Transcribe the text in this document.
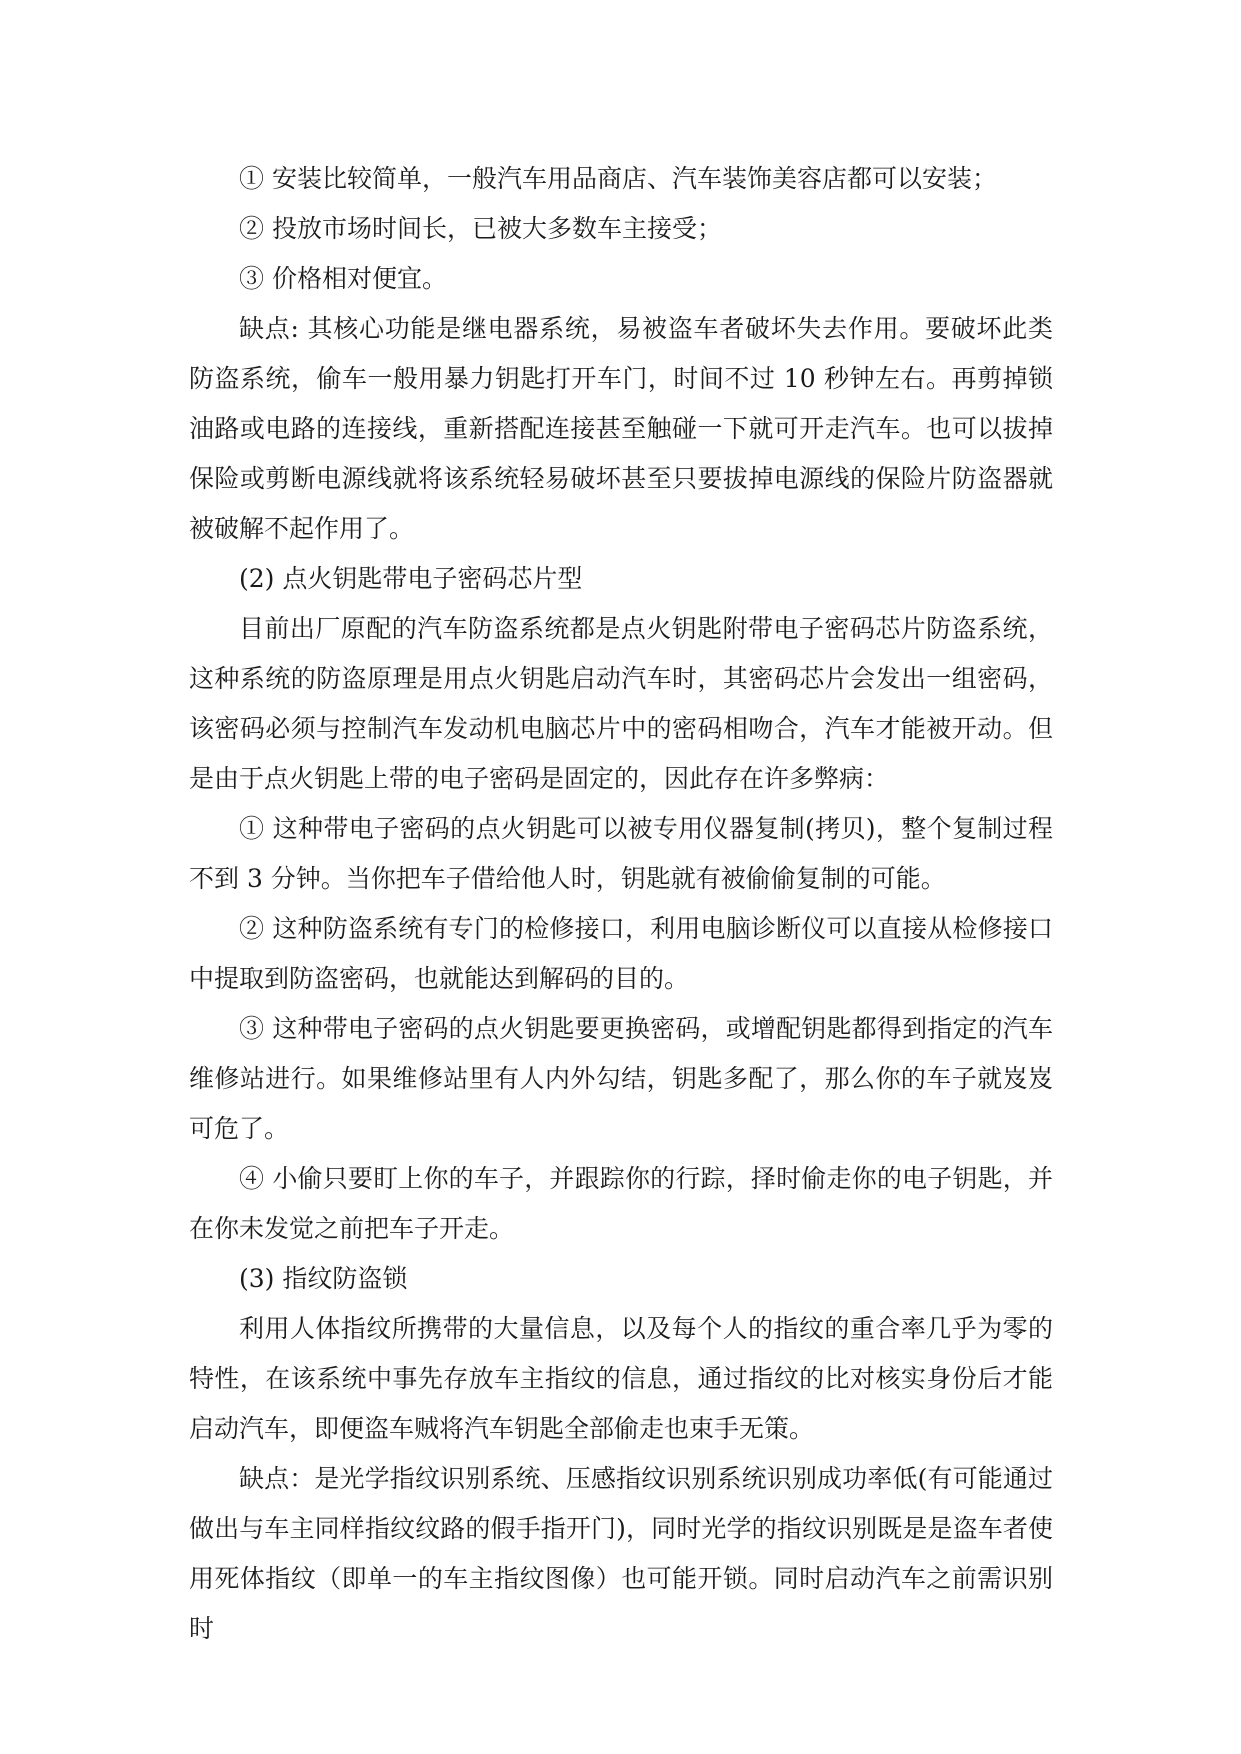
① 安装比较简单，一般汽车用品商店、汽车装饰美容店都可以安装；

② 投放市场时间长，已被大多数车主接受；

③ 价格相对便宜。

缺点: 其核心功能是继电器系统，易被盗车者破坏失去作用。要破坏此类防盗系统，偷车一般用暴力钥匙打开车门，时间不过 10 秒钟左右。再剪掉锁油路或电路的连接线，重新搭配连接甚至触碰一下就可开走汽车。也可以拔掉保险或剪断电源线就将该系统轻易破坏甚至只要拔掉电源线的保险片防盗器就被破解不起作用了。

(2) 点火钥匙带电子密码芯片型

目前出厂原配的汽车防盗系统都是点火钥匙附带电子密码芯片防盗系统，这种系统的防盗原理是用点火钥匙启动汽车时，其密码芯片会发出一组密码，该密码必须与控制汽车发动机电脑芯片中的密码相吻合，汽车才能被开动。但是由于点火钥匙上带的电子密码是固定的，因此存在许多弊病：

① 这种带电子密码的点火钥匙可以被专用仪器复制(拷贝)，整个复制过程不到 3 分钟。当你把车子借给他人时，钥匙就有被偷偷复制的可能。

② 这种防盗系统有专门的检修接口，利用电脑诊断仪可以直接从检修接口中提取到防盗密码，也就能达到解码的目的。

③ 这种带电子密码的点火钥匙要更换密码，或增配钥匙都得到指定的汽车维修站进行。如果维修站里有人内外勾结，钥匙多配了，那么你的车子就岌岌可危了。

④ 小偷只要盯上你的车子，并跟踪你的行踪，择时偷走你的电子钥匙，并在你未发觉之前把车子开走。

(3) 指纹防盗锁

利用人体指纹所携带的大量信息，以及每个人的指纹的重合率几乎为零的特性，在该系统中事先存放车主指纹的信息，通过指纹的比对核实身份后才能启动汽车，即便盗车贼将汽车钥匙全部偷走也束手无策。

缺点：是光学指纹识别系统、压感指纹识别系统识别成功率低(有可能通过做出与车主同样指纹纹路的假手指开门)，同时光学的指纹识别既是是盗车者使用死体指纹（即单一的车主指纹图像）也可能开锁。同时启动汽车之前需识别时
